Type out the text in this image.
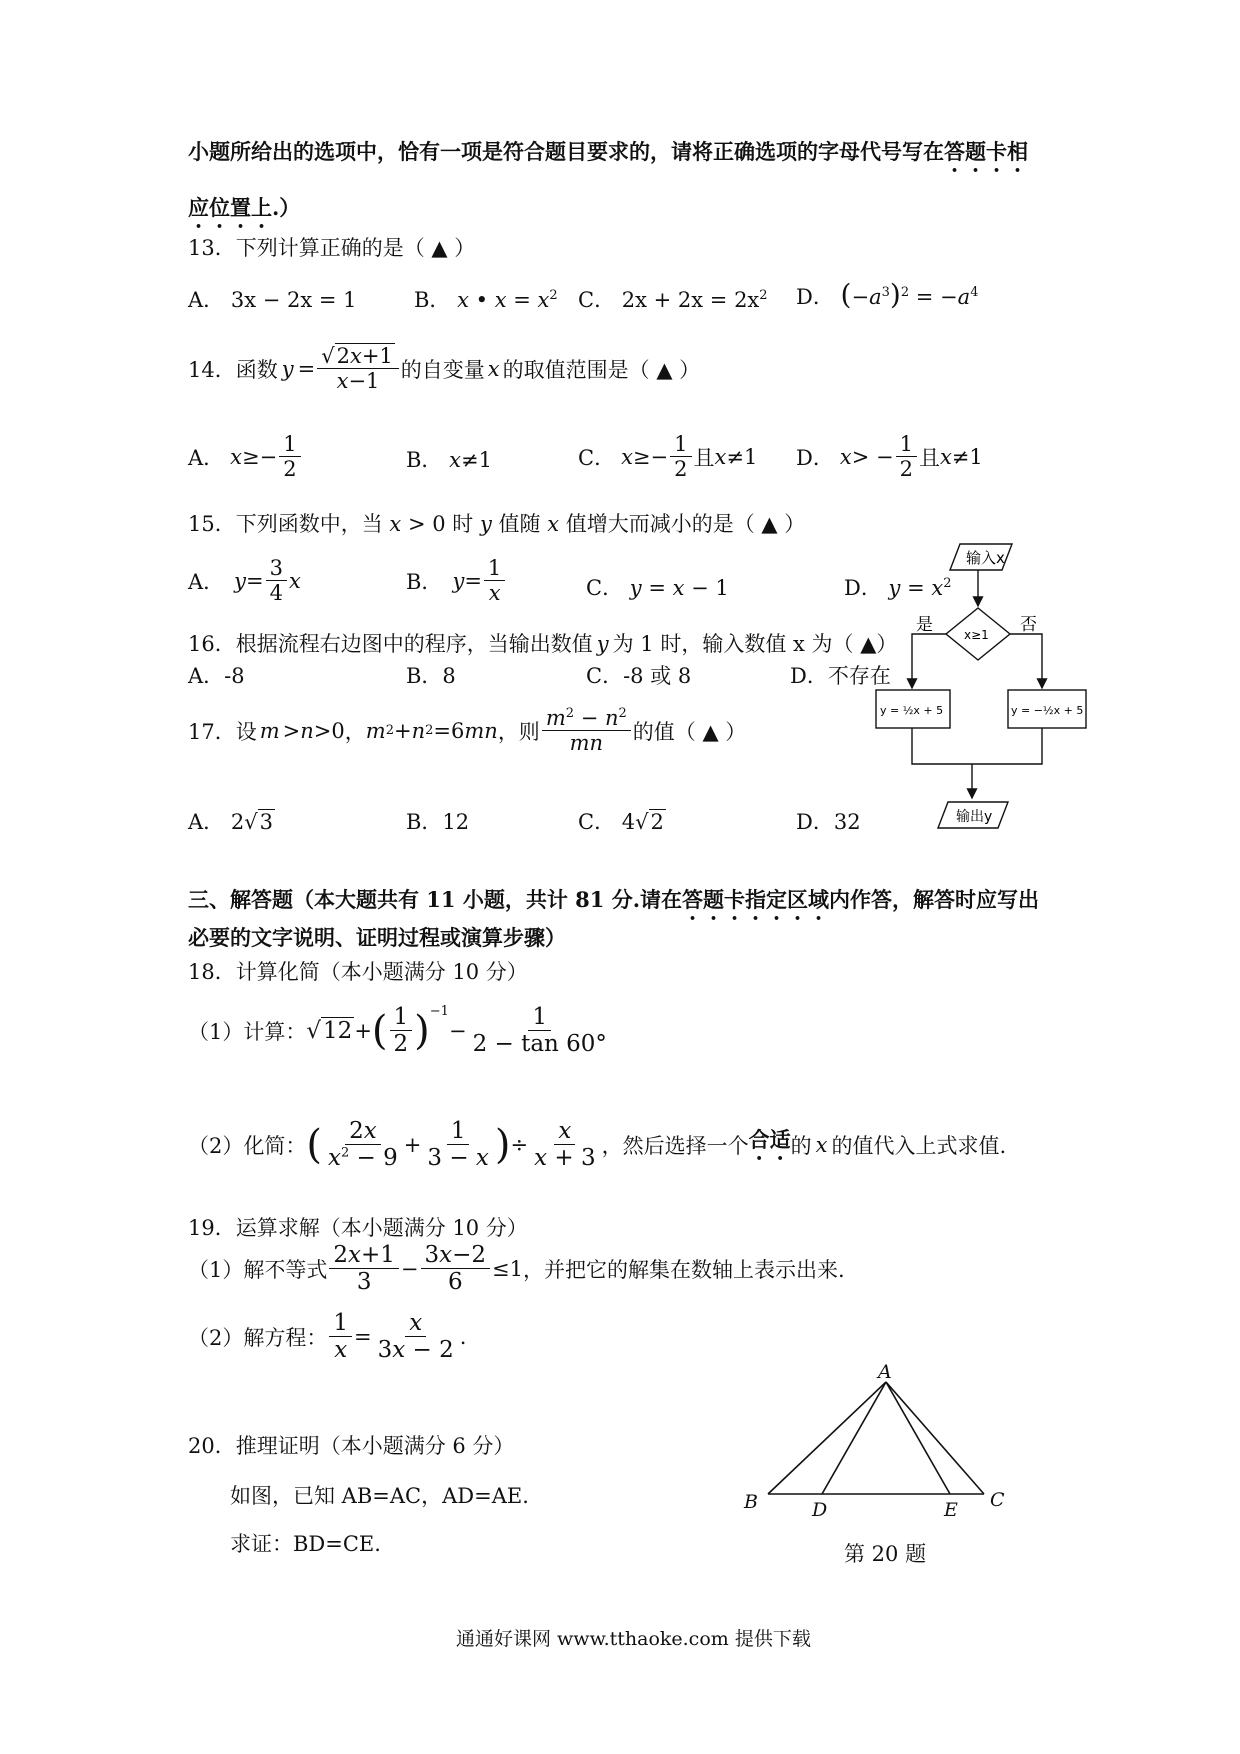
小题所给出的选项中，恰有一项是符合题目要求的，请将正确选项的字母代号写在答题卡相
应位置上.）
13．下列计算正确的是（ ▲ ）
A． 3x − 2x = 1	B． x • $x = x^2$ C． $2x + 2x = 2x^2$ D． $(-a^3)^2 = -a^4$
14． 函数 $y = \frac{√2x+1}{x-1}$ 的自变量 x 的取值范围是（ ▲ ）
A． $x \ge- \frac{1}{2}$	B． x≠1	C． $x \ge- \frac{1}{2}$ 且 x ≠1 D． x > − $\frac{1}{2}$ 且 x ≠1
15．下列函数中，当 x > 0 时 y 值随 x 值增大而减小的是（ ▲ ）
A． $y = \frac{3}{4}$ x	B． $y = \frac{1}{x}$	C． y = x − 1	D． $y = x^2$
16．根据流程右边图中的程序，当输出数值 y 为 1 时，输入数值 x 为（ ▲）
A．-8	B．8	C．-8 或 8	D．不存在
输入x
x≥1
是	否
y = ½x + 5	y = −½x + 5
输出y
17． 设 m > n >0 ， m 2 + n 2 =6 mn ，则 $\frac{m^2 - n^2}{mn}$ 的值（ ▲ ）
A． 2√3	B．12	C． 4√2	D．32
三、解答题（本大题共有 11 小题，共计 81 分.请在答题卡指定区域内作答，解答时应写出
必要的文字说明、证明过程或演算步骤）
18．计算化简（本小题满分 10 分）
（1）计算： √12 + ( $\frac{1}{2} )^{-1}$
− $\frac{1}{2 - \tan 60^\circ}$
（2）化简： ( $\frac{2x}{x^2 - 9} + \frac{1}{3 - x}$ ) ÷ $\frac{x}{x + 3}$ ，然后选择一个 合适 的 x 的值代入上式求值.
19．运算求解（本小题满分 10 分）
（1）解不等式 $\frac{2x+1}{3} - \frac{3x-2}{6} \le 1$ ，并把它的解集在数轴上表示出来.
（2）解方程： $\frac{1}{x} = \frac{x}{3x - 2}$ .
20．推理证明（本小题满分 6 分）
如图，已知 AB=AC，AD=AE.
求证：BD=CE.
A
B	D	E C
第 20 题
通通好课网 www.tthaoke.com 提供下载
